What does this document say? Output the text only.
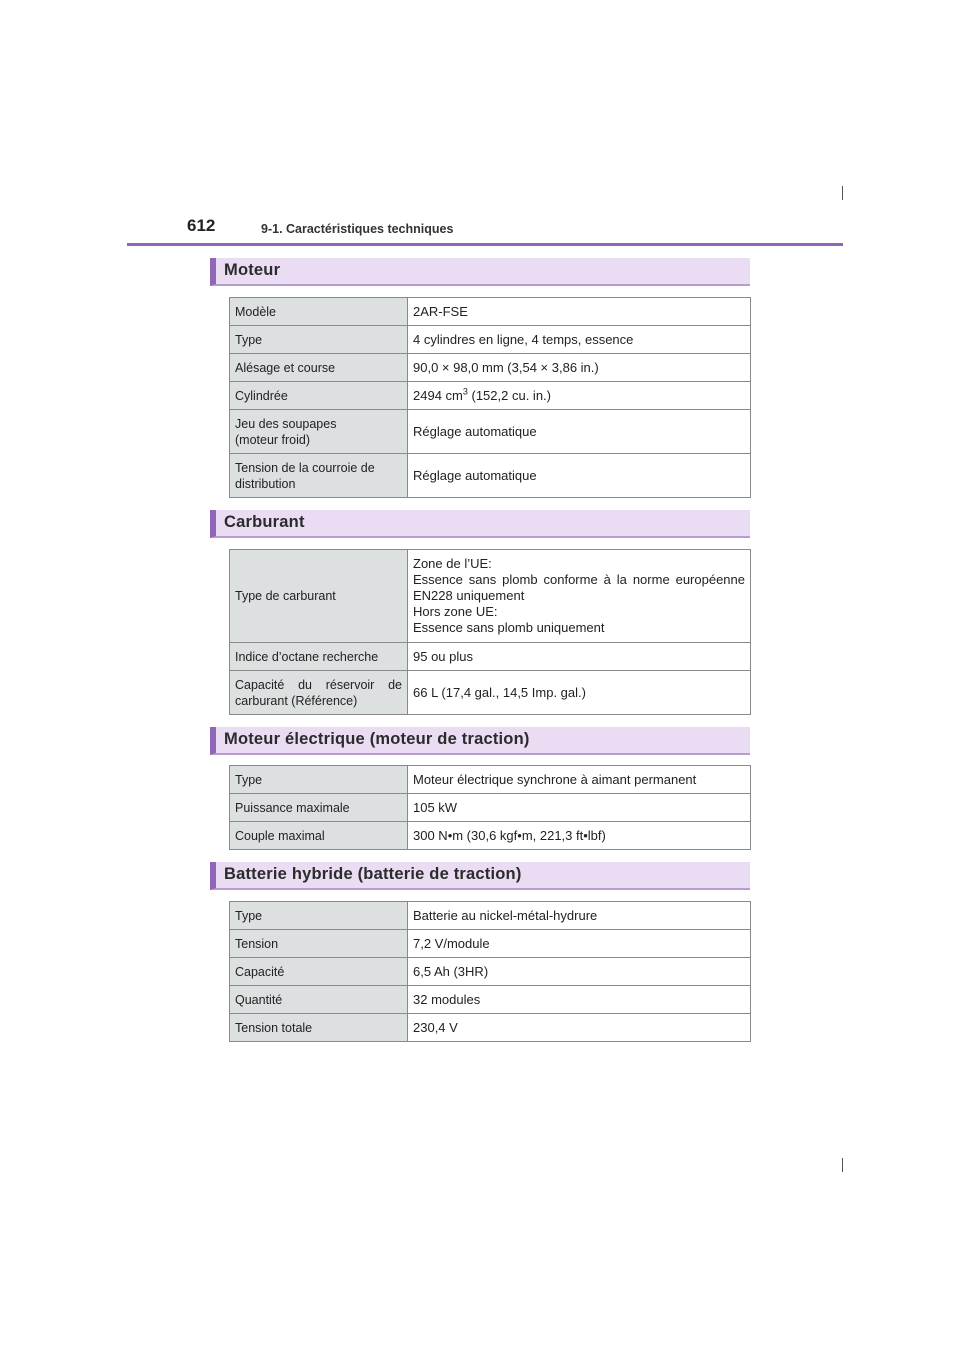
612	9-1. Caractéristiques techniques
Moteur
Modèle	2AR-FSE
Type	4 cylindres en ligne, 4 temps, essence
Alésage et course	90,0 × 98,0 mm (3,54 × 3,86 in.)
Cylindrée	2494 $cm^3$ (152,2 cu. in.)

Jeu des soupapes
(moteur froid)	Réglage automatique
Tension de la courroie de distribution	Réglage automatique
Carburant
Type de carburant	Zone de l’UE:
Essence sans plomb conforme à la norme européenne EN228 uniquement
Hors zone UE:
Essence sans plomb uniquement

Indice d’octane recherche	95 ou plus
Capacité du réservoir de carburant (Référence)	66 L (17,4 gal., 14,5 Imp. gal.)
Moteur électrique (moteur de traction)
Type	Moteur électrique synchrone à aimant permanent
Puissance maximale	105 kW
Couple maximal	300 N•m (30,6 kgf•m, 221,3 ft•lbf)
Batterie hybride (batterie de traction)
Type	Batterie au nickel-métal-hydrure
Tension	7,2 V/module
Capacité	6,5 Ah (3HR)
Quantité	32 modules
Tension totale	230,4 V
